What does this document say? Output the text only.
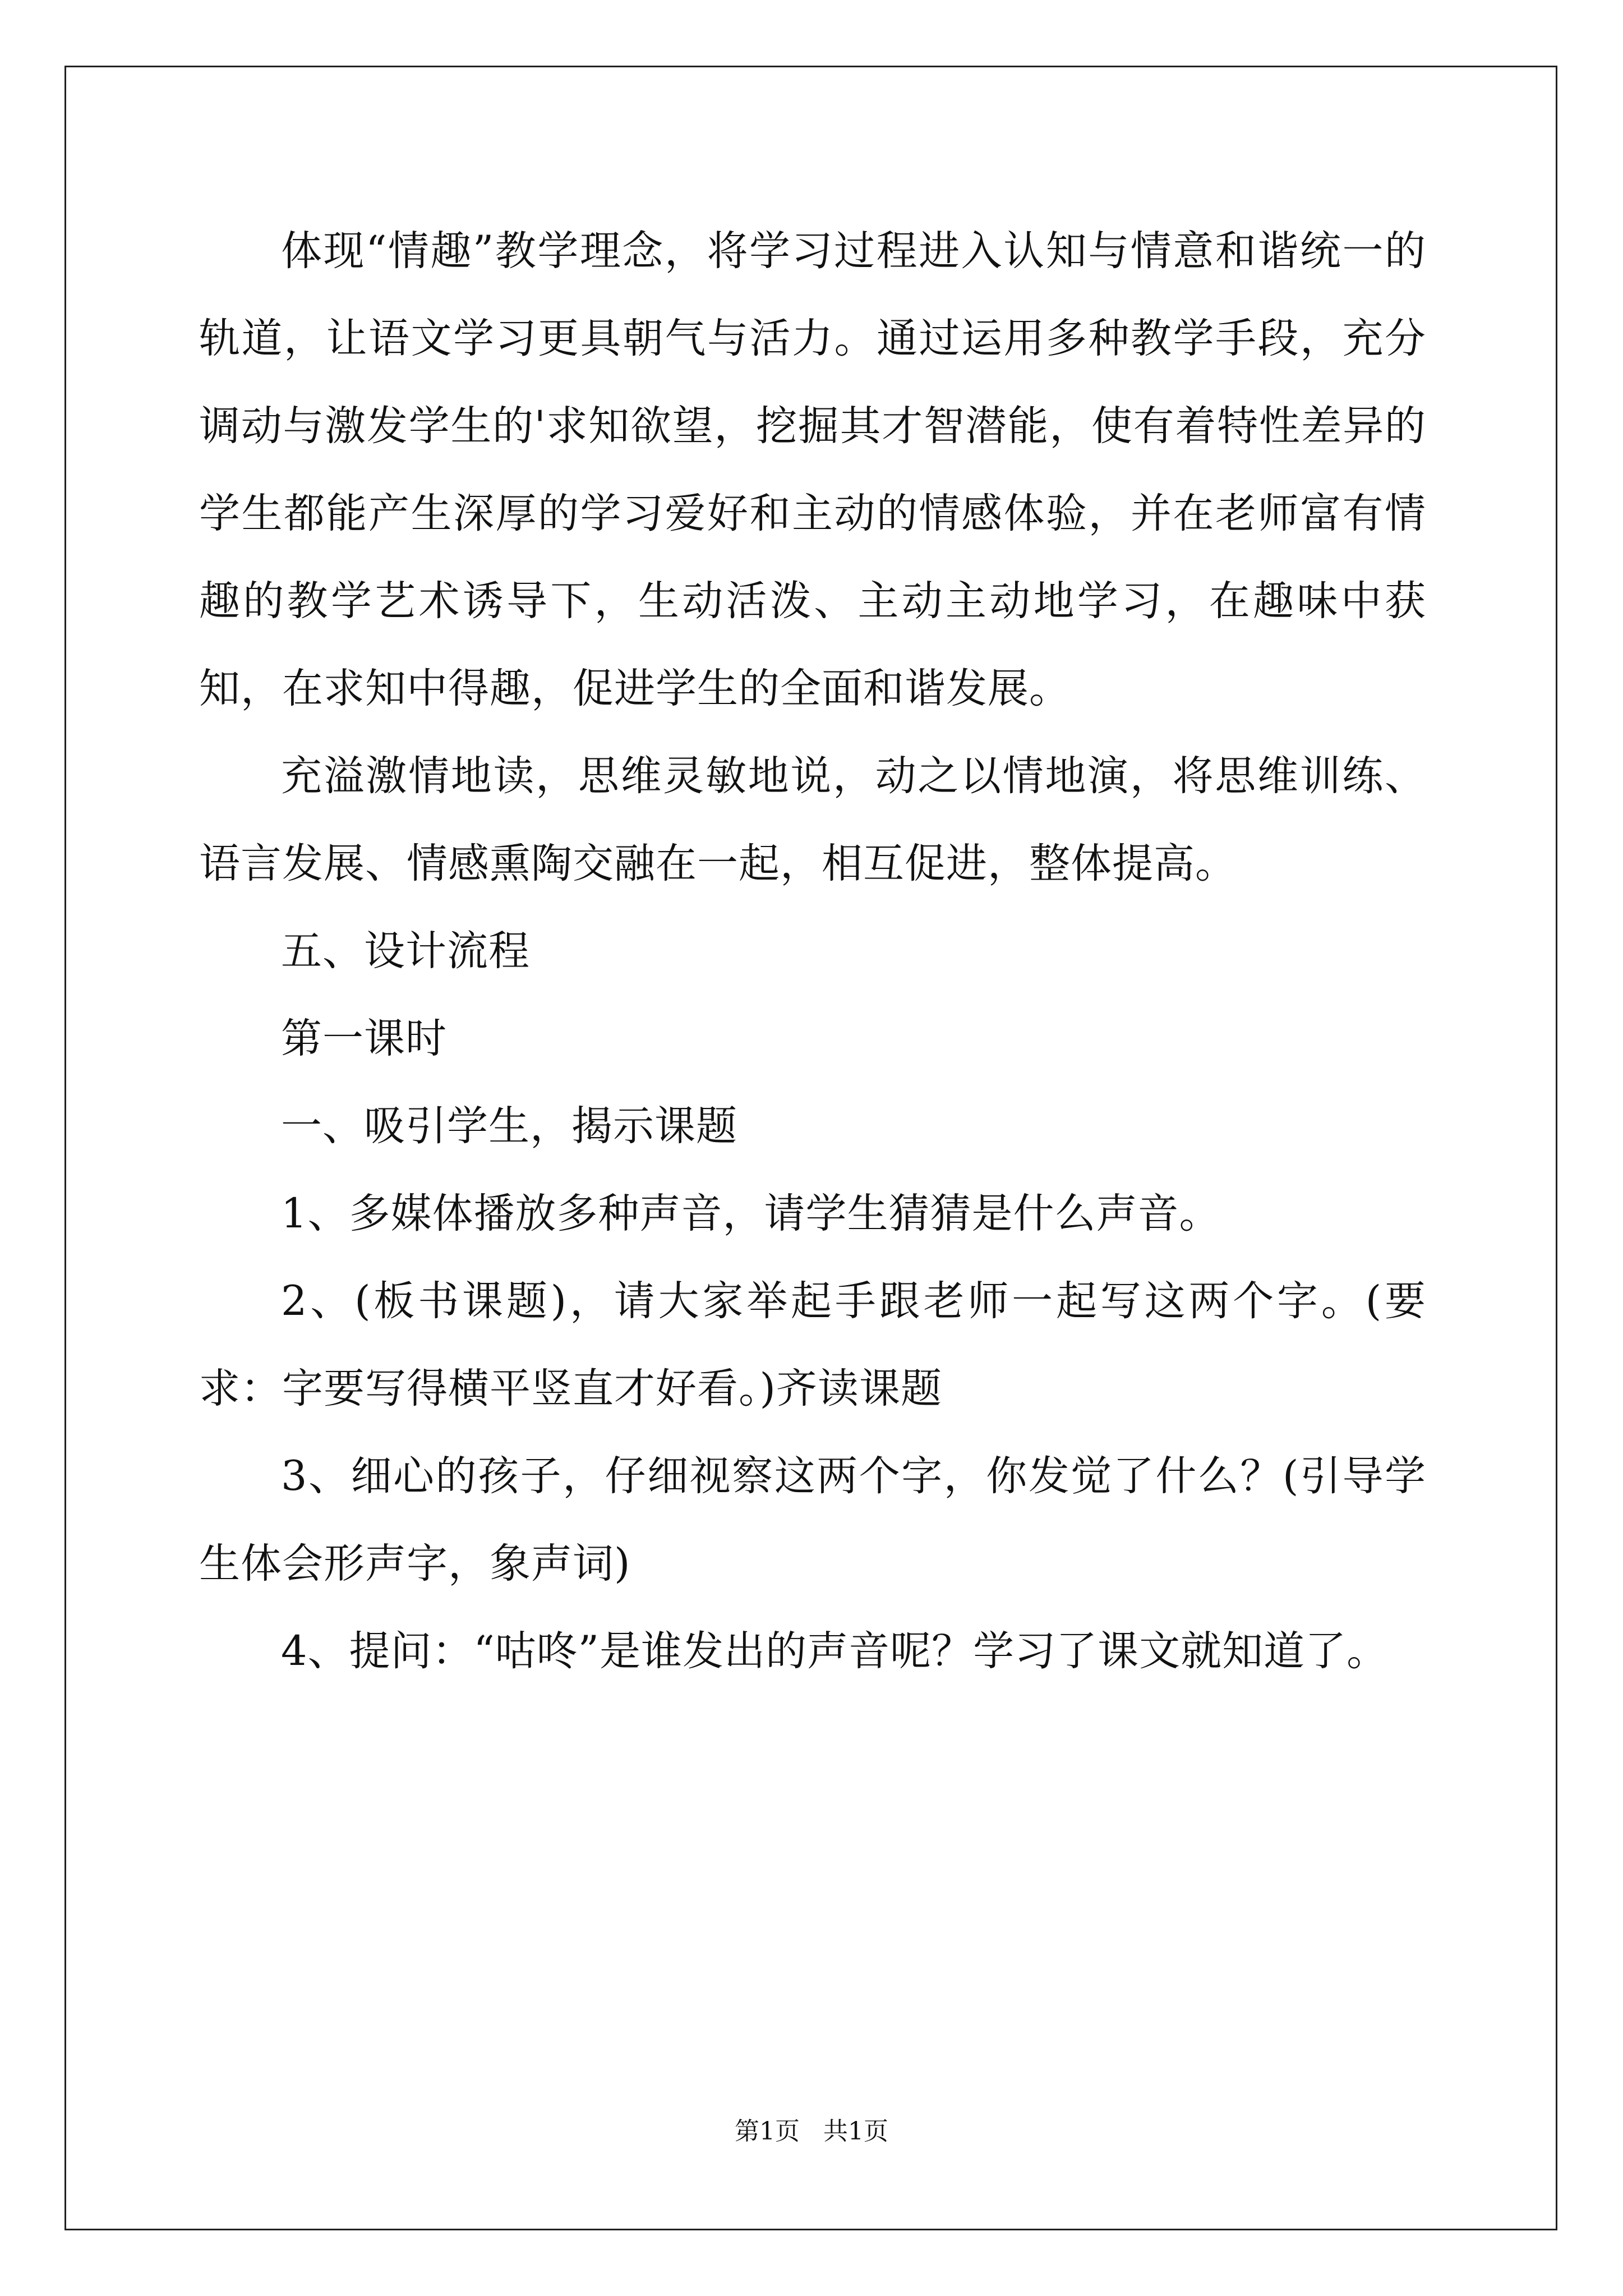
体现“情趣”教学理念，将学习过程进入认知与情意和谐统一的轨道，让语文学习更具朝气与活力。通过运用多种教学手段，充分调动与激发学生的'求知欲望，挖掘其才智潜能，使有着特性差异的学生都能产生深厚的学习爱好和主动的情感体验，并在老师富有情趣的教学艺术诱导下，生动活泼、主动主动地学习，在趣味中获知，在求知中得趣，促进学生的全面和谐发展。

充溢激情地读，思维灵敏地说，动之以情地演，将思维训练、语言发展、情感熏陶交融在一起，相互促进，整体提高。

五、设计流程

第一课时

一、吸引学生，揭示课题

1、多媒体播放多种声音，请学生猜猜是什么声音。

2、(板书课题)，请大家举起手跟老师一起写这两个字。(要求：字要写得横平竖直才好看。)齐读课题

3、细心的孩子，仔细视察这两个字，你发觉了什么？(引导学生体会形声字，象声词)

4、提问：“咕咚”是谁发出的声音呢？学习了课文就知道了。

第1页   共1页
